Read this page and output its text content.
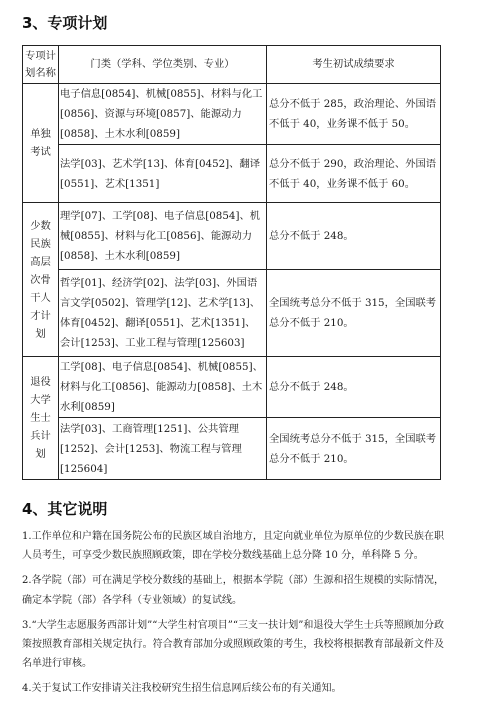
3、专项计划
专项计划名称	门类（学科、学位类别、专业）	考生初试成绩要求
单独考试	电子信息[0854]、机械[0855]、材料与化工[0856]、资源与环境[0857]、能源动力[0858]、土木水利[0859]	总分不低于 285，政治理论、外国语不低于 40，业务课不低于 50。
	法学[03]、艺术学[13]、体育[0452]、翻译[0551]、艺术[1351]	总分不低于 290，政治理论、外国语不低于 40，业务课不低于 60。
少数民族高层次骨干人才计划	理学[07]、工学[08]、电子信息[0854]、机械[0855]、材料与化工[0856]、能源动力[0858]、土木水利[0859]	总分不低于 248。
	哲学[01]、经济学[02]、法学[03]、外国语言文学[0502]、管理学[12]、艺术学[13]、体育[0452]、翻译[0551]、艺术[1351]、会计[1253]、工业工程与管理[125603]	全国统考总分不低于 315，全国联考总分不低于 210。
退役大学生士兵计划	工学[08]、电子信息[0854]、机械[0855]、材料与化工[0856]、能源动力[0858]、土木水利[0859]	总分不低于 248。
	法学[03]、工商管理[1251]、公共管理[1252]、会计[1253]、物流工程与管理[125604]	全国统考总分不低于 315，全国联考总分不低于 210。
4、其它说明

1.工作单位和户籍在国务院公布的民族区域自治地方，且定向就业单位为原单位的少数民族在职人员考生，可享受少数民族照顾政策，即在学校分数线基础上总分降 10 分，单科降 5 分。

2.各学院（部）可在满足学校分数线的基础上，根据本学院（部）生源和招生规模的实际情况，确定本学院（部）各学科（专业领域）的复试线。

3.“大学生志愿服务西部计划”“大学生村官项目”“三支一扶计划”和退役大学生士兵等照顾加分政策按照教育部相关规定执行。符合教育部加分或照顾政策的考生，我校将根据教育部最新文件及名单进行审核。

4.关于复试工作安排请关注我校研究生招生信息网后续公布的有关通知。
